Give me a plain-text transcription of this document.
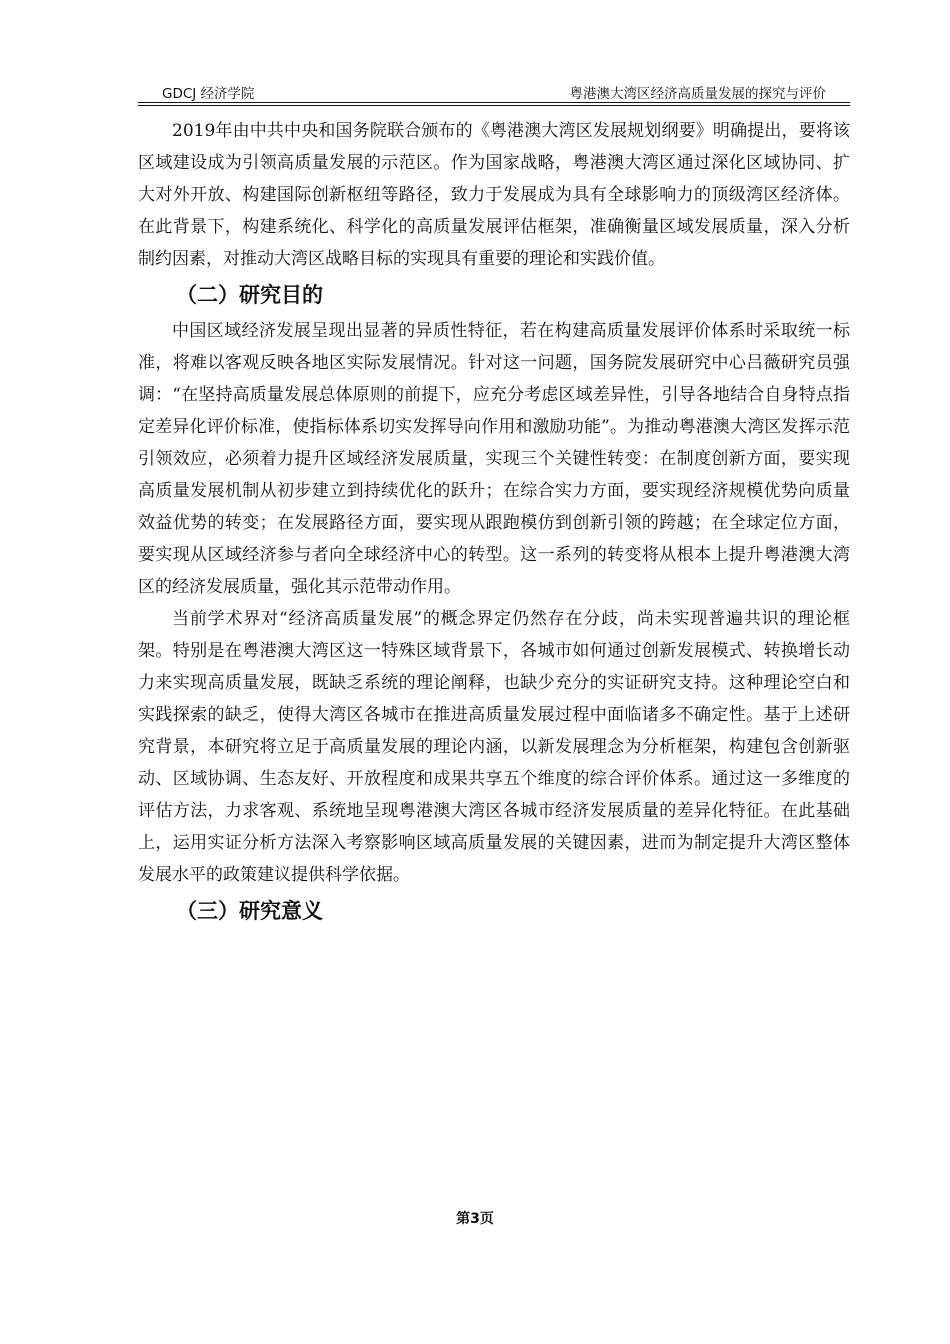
GDCJ 经济学院	粤港澳大湾区经济高质量发展的探究与评价

2019年由中共中央和国务院联合颁布的《粤港澳大湾区发展规划纲要》明确提出，要将该区域建设成为引领高质量发展的示范区。作为国家战略，粤港澳大湾区通过深化区域协同、扩大对外开放、构建国际创新枢纽等路径，致力于发展成为具有全球影响力的顶级湾区经济体。在此背景下，构建系统化、科学化的高质量发展评估框架，准确衡量区域发展质量，深入分析制约因素，对推动大湾区战略目标的实现具有重要的理论和实践价值。

（二）研究目的

中国区域经济发展呈现出显著的异质性特征，若在构建高质量发展评价体系时采取统一标准，将难以客观反映各地区实际发展情况。针对这一问题，国务院发展研究中心吕薇研究员强调：“在坚持高质量发展总体原则的前提下，应充分考虑区域差异性，引导各地结合自身特点指定差异化评价标准，使指标体系切实发挥导向作用和激励功能”。为推动粤港澳大湾区发挥示范引领效应，必须着力提升区域经济发展质量，实现三个关键性转变：在制度创新方面，要实现高质量发展机制从初步建立到持续优化的跃升；在综合实力方面，要实现经济规模优势向质量效益优势的转变；在发展路径方面，要实现从跟跑模仿到创新引领的跨越；在全球定位方面，要实现从区域经济参与者向全球经济中心的转型。这一系列的转变将从根本上提升粤港澳大湾区的经济发展质量，强化其示范带动作用。

当前学术界对“经济高质量发展”的概念界定仍然存在分歧，尚未实现普遍共识的理论框架。特别是在粤港澳大湾区这一特殊区域背景下，各城市如何通过创新发展模式、转换增长动力来实现高质量发展，既缺乏系统的理论阐释，也缺少充分的实证研究支持。这种理论空白和实践探索的缺乏，使得大湾区各城市在推进高质量发展过程中面临诸多不确定性。基于上述研究背景，本研究将立足于高质量发展的理论内涵，以新发展理念为分析框架，构建包含创新驱动、区域协调、生态友好、开放程度和成果共享五个维度的综合评价体系。通过这一多维度的评估方法，力求客观、系统地呈现粤港澳大湾区各城市经济发展质量的差异化特征。在此基础上，运用实证分析方法深入考察影响区域高质量发展的关键因素，进而为制定提升大湾区整体发展水平的政策建议提供科学依据。

（三）研究意义
第3页
